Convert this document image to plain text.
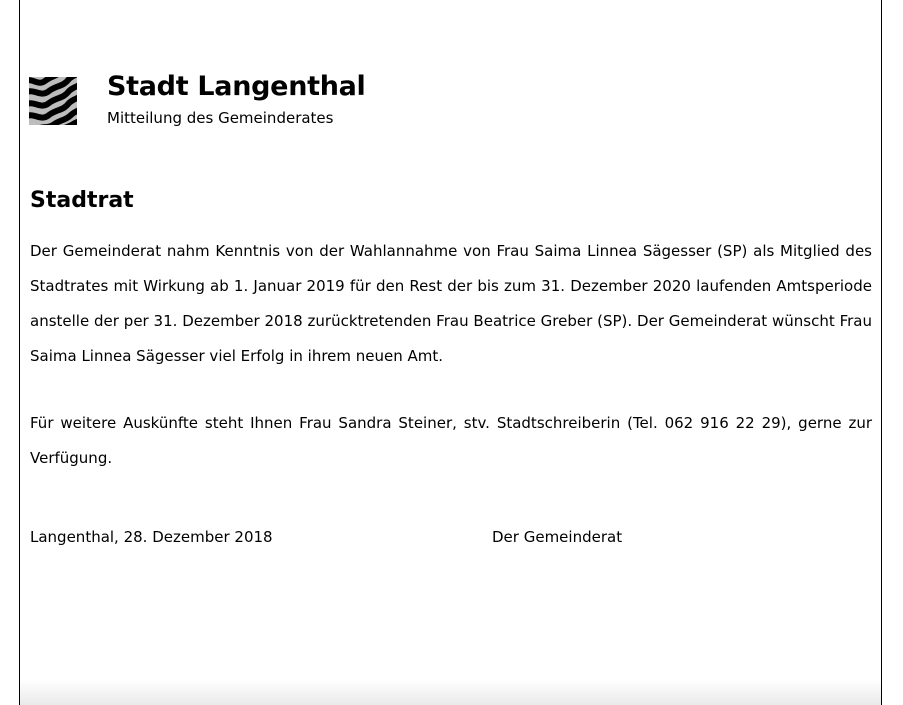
Stadt Langenthal
Mitteilung des Gemeinderates
Stadtrat

Der Gemeinderat nahm Kenntnis von der Wahlannahme von Frau Saima Linnea Sägesser (SP) als Mitglied des Stadtrates mit Wirkung ab 1. Januar 2019 für den Rest der bis zum 31. Dezember 2020 laufenden Amtsperiode anstelle der per 31. Dezember 2018 zurücktretenden Frau Beatrice Greber (SP). Der Gemeinderat wünscht Frau Saima Linnea Sägesser viel Erfolg in ihrem neuen Amt.

Für weitere Auskünfte steht Ihnen Frau Sandra Steiner, stv. Stadtschreiberin (Tel. 062 916 22 29), gerne zur Verfügung.

Langenthal, 28. Dezember 2018	Der Gemeinderat
